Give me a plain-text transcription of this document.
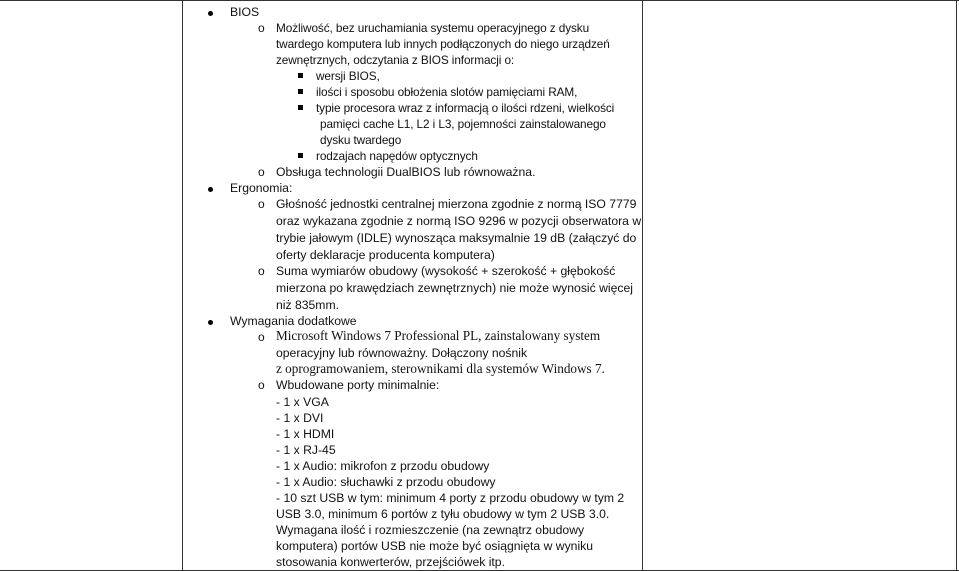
BIOS
o Możliwość, bez uruchamiania systemu operacyjnego z dysku
twardego komputera lub innych podłączonych do niego urządzeń
zewnętrznych, odczytania z BIOS informacji o:
wersji BIOS,
ilości i sposobu obłożenia slotów pamięciami RAM,
typie procesora wraz z informacją o ilości rdzeni, wielkości
pamięci cache L1, L2 i L3, pojemności zainstalowanego
dysku twardego
rodzajach napędów optycznych
o Obsługa technologii DualBIOS lub równoważna.
Ergonomia:
o Głośność jednostki centralnej mierzona zgodnie z normą ISO 7779
oraz wykazana zgodnie z normą ISO 9296 w pozycji obserwatora w
trybie jałowym (IDLE) wynosząca maksymalnie 19 dB (załączyć do
oferty deklaracje producenta komputera)
o Suma wymiarów obudowy (wysokość + szerokość + głębokość
mierzona po krawędziach zewnętrznych) nie może wynosić więcej
niż 835mm.
Wymagania dodatkowe
o Microsoft Windows 7 Professional PL, zainstalowany system
operacyjny lub równoważny. Dołączony nośnik
z oprogramowaniem, sterownikami dla systemów Windows 7.
o Wbudowane porty minimalnie:
- 1 x VGA
- 1 x DVI
- 1 x HDMI
- 1 x RJ-45
- 1 x Audio: mikrofon z przodu obudowy
- 1 x Audio: słuchawki z przodu obudowy
- 10 szt USB w tym: minimum 4 porty z przodu obudowy w tym 2
USB 3.0, minimum 6 portów z tyłu obudowy w tym 2 USB 3.0.
Wymagana ilość i rozmieszczenie (na zewnątrz obudowy
komputera) portów USB nie może być osiągnięta w wyniku
stosowania konwerterów, przejściówek itp.
